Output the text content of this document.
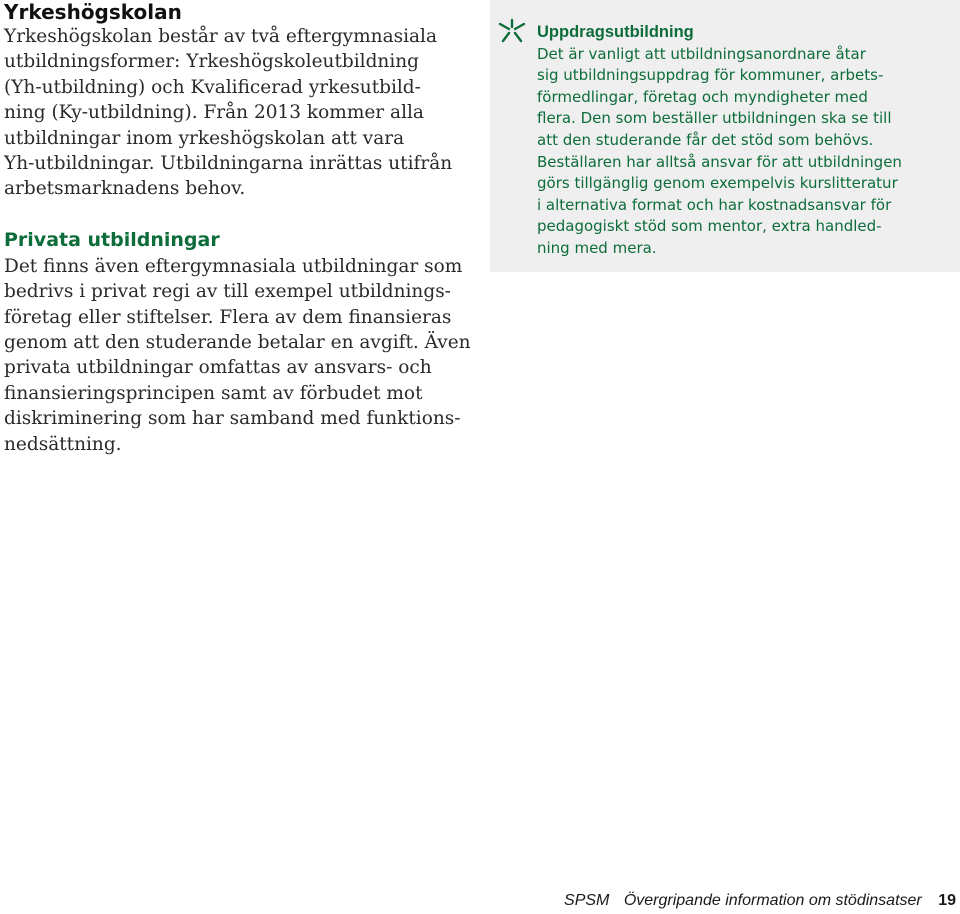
Yrkeshögskolan

Yrkeshögskolan består av två eftergymnasiala

utbildningsformer: Yrkeshögskoleutbildning

(Yh-utbildning) och Kvalificerad yrkesutbild-

ning (Ky-utbildning). Från 2013 kommer alla

utbildningar inom yrkeshögskolan att vara

Yh-utbildningar. Utbildningarna inrättas utifrån

arbetsmarknadens behov.

Privata utbildningar

Det finns även eftergymnasiala utbildningar som

bedrivs i privat regi av till exempel utbildnings-

företag eller stiftelser. Flera av dem finansieras

genom att den studerande betalar en avgift. Även

privata utbildningar omfattas av ansvars- och

finansieringsprincipen samt av förbudet mot

diskriminering som har samband med funktions-

nedsättning.

Uppdragsutbildning

Det är vanligt att utbildningsanordnare åtar

sig utbildningsuppdrag för kommuner, arbets-

förmedlingar, företag och myndigheter med

flera. Den som beställer utbildningen ska se till

att den studerande får det stöd som behövs.

Beställaren har alltså ansvar för att utbildningen

görs tillgänglig genom exempelvis kurslitteratur

i alternativa format och har kostnadsansvar för

pedagogiskt stöd som mentor, extra handled-

ning med mera.

SPSM Övergripande information om stödinsatser 19
